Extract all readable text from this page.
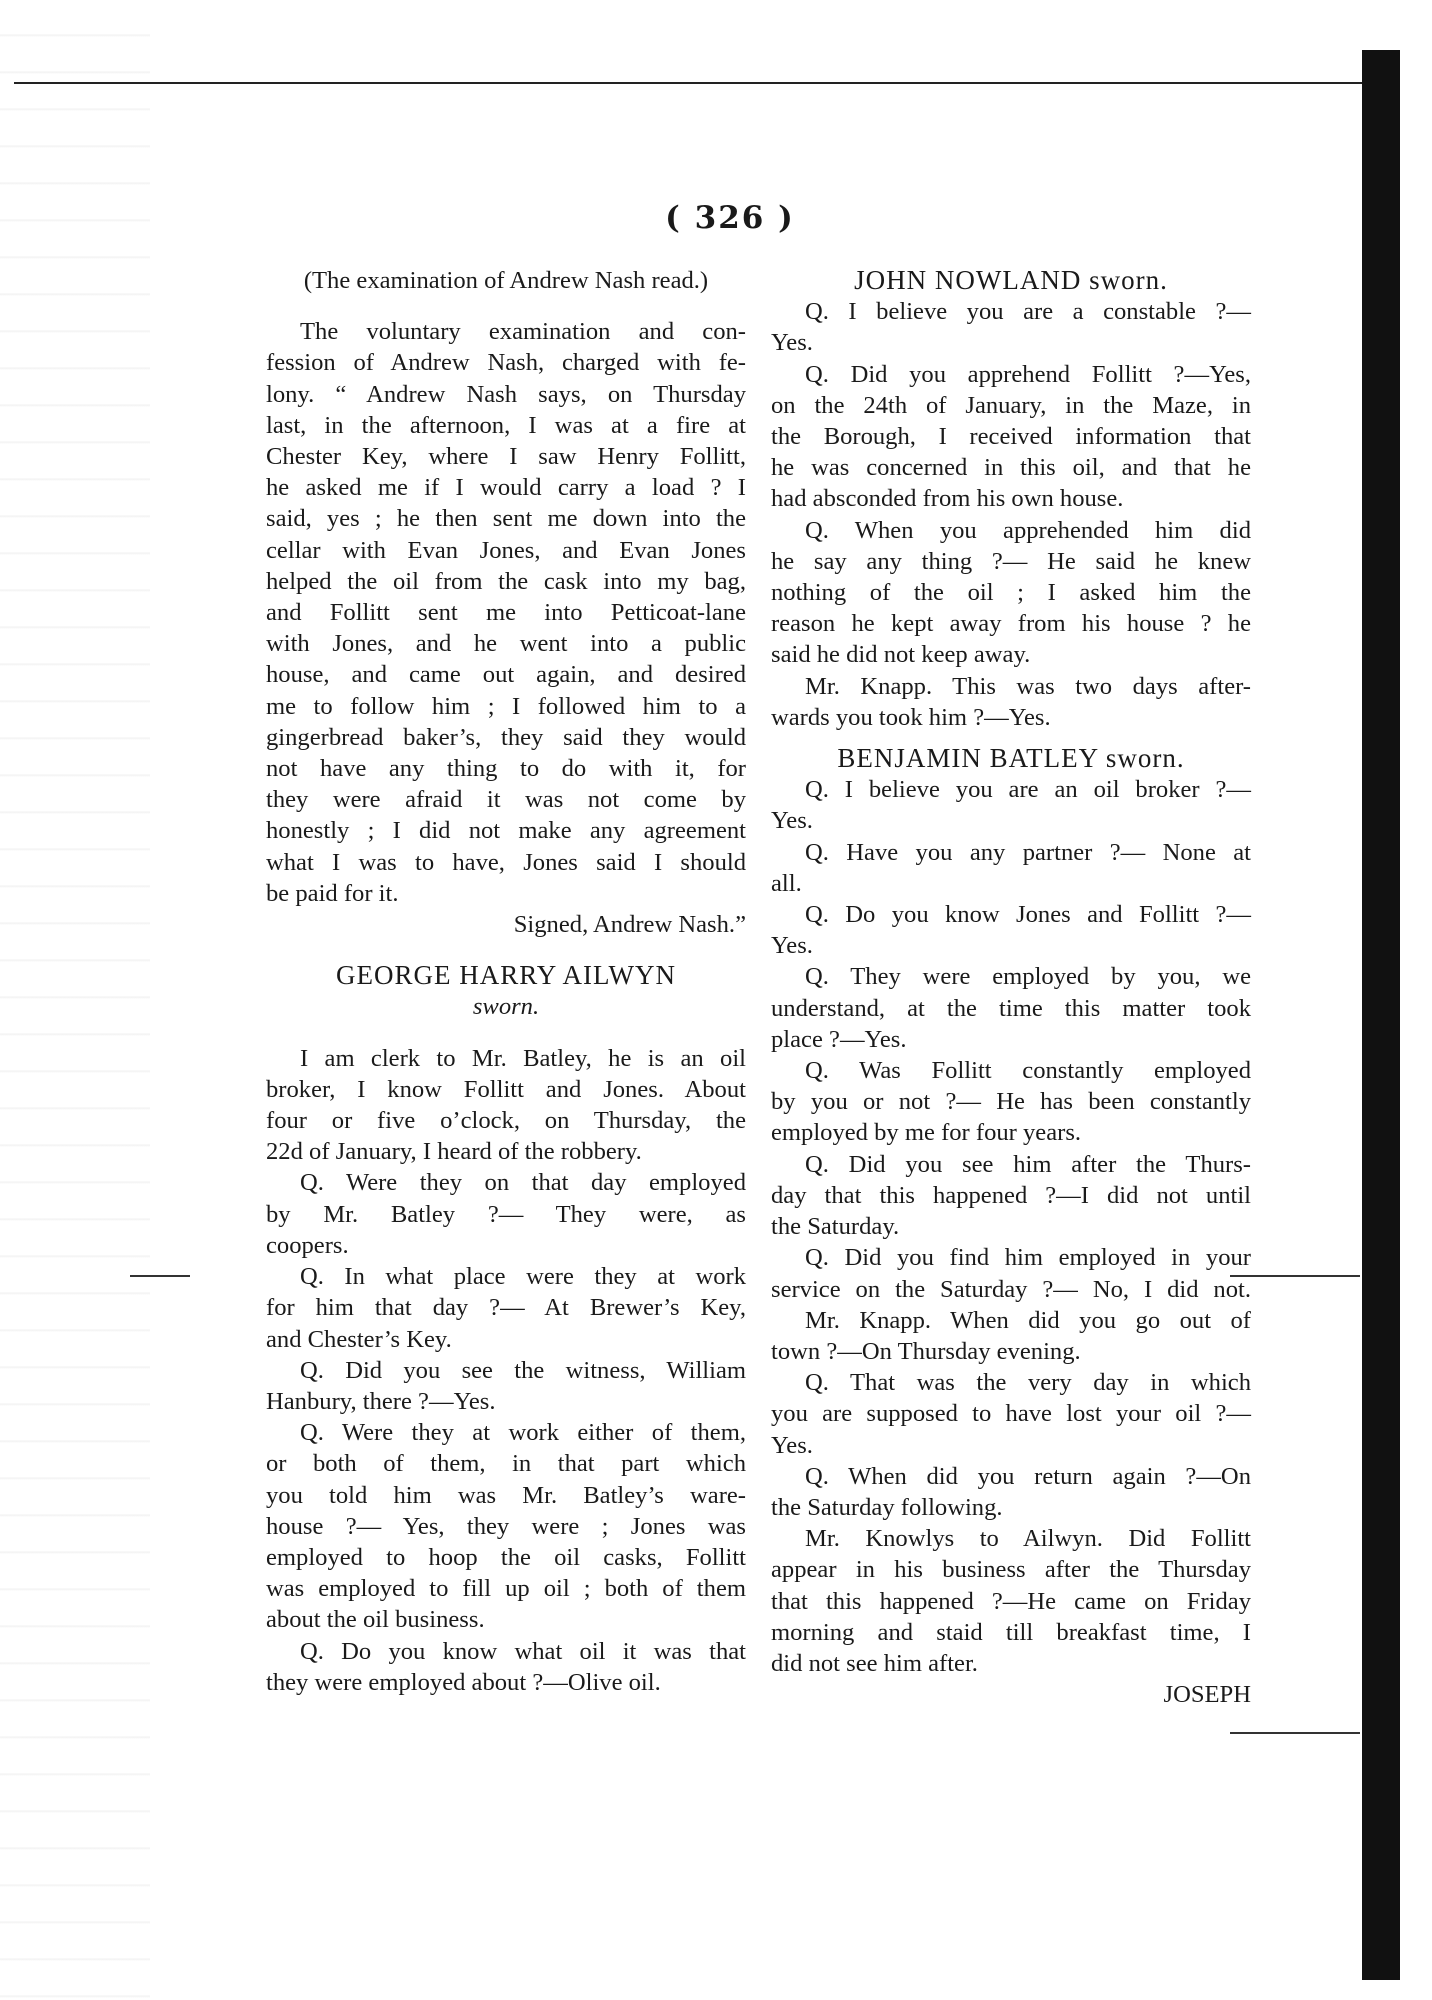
( 326 )
(The examination of Andrew Nash read.)
The voluntary examination and con-
fession of Andrew Nash, charged with fe-
lony. “ Andrew Nash says, on Thursday
last, in the afternoon, I was at a fire at
Chester Key, where I saw Henry Follitt,
he asked me if I would carry a load ? I
said, yes ; he then sent me down into the
cellar with Evan Jones, and Evan Jones
helped the oil from the cask into my bag,
and Follitt sent me into Petticoat-lane
with Jones, and he went into a public
house, and came out again, and desired
me to follow him ; I followed him to a
gingerbread baker’s, they said they would
not have any thing to do with it, for
they were afraid it was not come by
honestly ; I did not make any agreement
what I was to have, Jones said I should
be paid for it.
Signed, Andrew Nash.”
GEORGE HARRY AILWYN
sworn.
I am clerk to Mr. Batley, he is an oil
broker, I know Follitt and Jones. About
four or five o’clock, on Thursday, the
22d of January, I heard of the robbery.
Q. Were they on that day employed
by Mr. Batley ?— They were, as
coopers.
Q. In what place were they at work
for him that day ?— At Brewer’s Key,
and Chester’s Key.
Q. Did you see the witness, William
Hanbury, there ?—Yes.
Q. Were they at work either of them,
or both of them, in that part which
you told him was Mr. Batley’s ware-
house ?— Yes, they were ; Jones was
employed to hoop the oil casks, Follitt
was employed to fill up oil ; both of them
about the oil business.
Q. Do you know what oil it was that
they were employed about ?—Olive oil.
JOHN NOWLAND sworn.
Q. I believe you are a constable ?—
Yes.
Q. Did you apprehend Follitt ?—Yes,
on the 24th of January, in the Maze, in
the Borough, I received information that
he was concerned in this oil, and that he
had absconded from his own house.
Q. When you apprehended him did
he say any thing ?— He said he knew
nothing of the oil ; I asked him the
reason he kept away from his house ? he
said he did not keep away.
Mr. Knapp. This was two days after-
wards you took him ?—Yes.
BENJAMIN BATLEY sworn.
Q. I believe you are an oil broker ?—
Yes.
Q. Have you any partner ?— None at
all.
Q. Do you know Jones and Follitt ?—
Yes.
Q. They were employed by you, we
understand, at the time this matter took
place ?—Yes.
Q. Was Follitt constantly employed
by you or not ?— He has been constantly
employed by me for four years.
Q. Did you see him after the Thurs-
day that this happened ?—I did not until
the Saturday.
Q. Did you find him employed in your
service on the Saturday ?— No, I did not.
Mr. Knapp. When did you go out of
town ?—On Thursday evening.
Q. That was the very day in which
you are supposed to have lost your oil ?—
Yes.
Q. When did you return again ?—On
the Saturday following.
Mr. Knowlys to Ailwyn. Did Follitt
appear in his business after the Thursday
that this happened ?—He came on Friday
morning and staid till breakfast time, I
did not see him after.
JOSEPH
